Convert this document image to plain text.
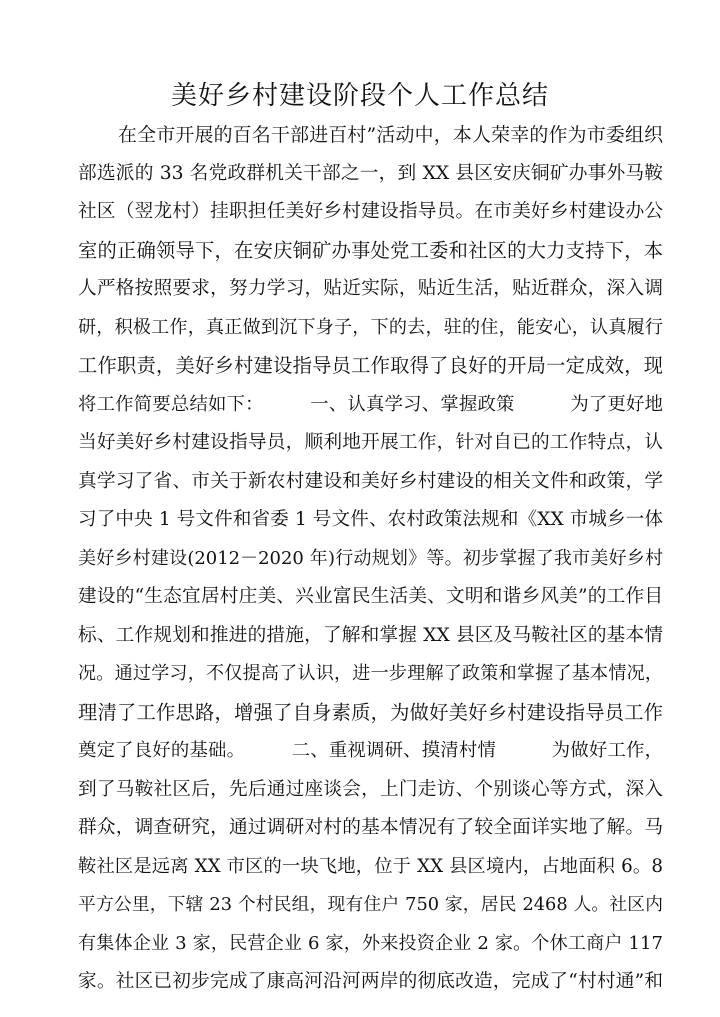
美好乡村建设阶段个人工作总结
在全市开展的百名干部进百村”活动中，本人荣幸的作为市委组织
部选派的 33 名党政群机关干部之一，到 XX 县区安庆铜矿办事外马鞍
社区（翌龙村）挂职担任美好乡村建设指导员。在市美好乡村建设办公
室的正确领导下，在安庆铜矿办事处党工委和社区的大力支持下，本
人严格按照要求，努力学习，贴近实际，贴近生活，贴近群众，深入调
研，积极工作，真正做到沉下身子，下的去，驻的住，能安心，认真履行
工作职责，美好乡村建设指导员工作取得了良好的开局一定成效，现
将工作简要总结如下：　　　一、认真学习、掌握政策　　　为了更好地
当好美好乡村建设指导员，顺利地开展工作，针对自已的工作特点，认
真学习了省、市关于新农村建设和美好乡村建设的相关文件和政策，学
习了中央 1 号文件和省委 1 号文件、农村政策法规和《XX 市城乡一体
美好乡村建设(2012－2020 年)行动规划》等。初步掌握了我市美好乡村
建设的“生态宜居村庄美、兴业富民生活美、文明和谐乡风美”的工作目
标、工作规划和推进的措施，了解和掌握 XX 县区及马鞍社区的基本情
况。通过学习，不仅提高了认识，进一步理解了政策和掌握了基本情况，
理清了工作思路，增强了自身素质，为做好美好乡村建设指导员工作
奠定了良好的基础。　　　二、重视调研、摸清村情　　　为做好工作，
到了马鞍社区后，先后通过座谈会，上门走访、个别谈心等方式，深入
群众，调查研究，通过调研对村的基本情况有了较全面详实地了解。马
鞍社区是远离 XX 市区的一块飞地，位于 XX 县区境内，占地面积 6。8
平方公里，下辖 23 个村民组，现有住户 750 家，居民 2468 人。社区内
有集体企业 3 家，民营企业 6 家，外来投资企业 2 家。个休工商户 117
家。社区已初步完成了康高河沿河两岸的彻底改造，完成了“村村通”和
